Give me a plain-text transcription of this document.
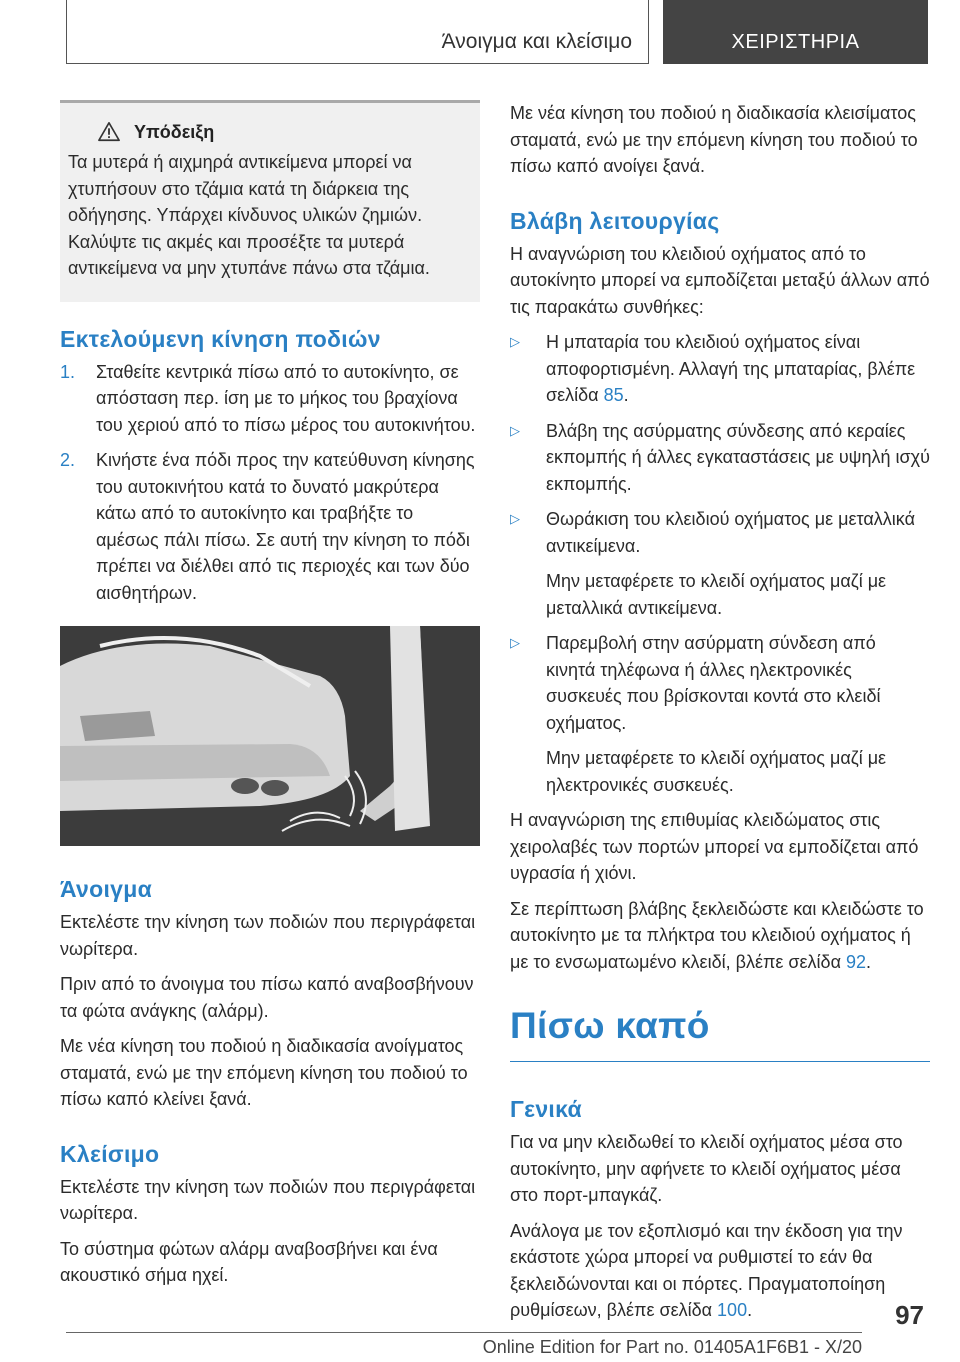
Άνοιγμα και κλείσιμο	ΧΕΙΡΙΣΤΗΡΙΑ
Υπόδειξη
Τα μυτερά ή αιχμηρά αντικείμενα μπορεί να χτυπήσουν στο τζάμια κατά τη διάρκεια της οδήγησης. Υπάρχει κίνδυνος υλικών ζημιών. Καλύψτε τις ακμές και προσέξτε τα μυτερά αντικείμενα να μην χτυπάνε πάνω στα τζάμια.
Εκτελούμενη κίνηση ποδιών
1.	Σταθείτε κεντρικά πίσω από το αυτοκίνητο, σε απόσταση περ. ίση με το μήκος του βραχίονα του χεριού από το πίσω μέρος του αυτοκινήτου.
2.	Κινήστε ένα πόδι προς την κατεύθυνση κίνησης του αυτοκινήτου κατά το δυνατό μακρύτερα κάτω από το αυτοκίνητο και τραβήξτε το αμέσως πάλι πίσω. Σε αυτή την κίνηση το πόδι πρέπει να διέλθει από τις περιοχές και των δύο αισθητήρων.
Άνοιγμα

Εκτελέστε την κίνηση των ποδιών που περιγράφεται νωρίτερα.

Πριν από το άνοιγμα του πίσω καπό αναβοσβήνουν τα φώτα ανάγκης (αλάρμ).

Με νέα κίνηση του ποδιού η διαδικασία ανοίγματος σταματά, ενώ με την επόμενη κίνηση του ποδιού το πίσω καπό κλείνει ξανά.

Κλείσιμο

Εκτελέστε την κίνηση των ποδιών που περιγράφεται νωρίτερα.

Το σύστημα φώτων αλάρμ αναβοσβήνει και ένα ακουστικό σήμα ηχεί.

Με νέα κίνηση του ποδιού η διαδικασία κλεισίματος σταματά, ενώ με την επόμενη κίνηση του ποδιού το πίσω καπό ανοίγει ξανά.

Βλάβη λειτουργίας

Η αναγνώριση του κλειδιού οχήματος από το αυτοκίνητο μπορεί να εμποδίζεται μεταξύ άλλων από τις παρακάτω συνθήκες:

▷	Η μπαταρία του κλειδιού οχήματος είναι αποφορτισμένη. Αλλαγή της μπαταρίας, βλέπε σελίδα 85.
▷	Βλάβη της ασύρματης σύνδεσης από κεραίες εκπομπής ή άλλες εγκαταστάσεις με υψηλή ισχύ εκπομπής.
▷	Θωράκιση του κλειδιού οχήματος με μεταλλικά αντικείμενα.
Μην μεταφέρετε το κλειδί οχήματος μαζί με μεταλλικά αντικείμενα.
▷	Παρεμβολή στην ασύρματη σύνδεση από κινητά τηλέφωνα ή άλλες ηλεκτρονικές συσκευές που βρίσκονται κοντά στο κλειδί οχήματος.
Μην μεταφέρετε το κλειδί οχήματος μαζί με ηλεκτρονικές συσκευές.

Η αναγνώριση της επιθυμίας κλειδώματος στις χειρολαβές των πορτών μπορεί να εμποδίζεται από υγρασία ή χιόνι.

Σε περίπτωση βλάβης ξεκλειδώστε και κλειδώστε το αυτοκίνητο με τα πλήκτρα του κλειδιού οχήματος ή με το ενσωματωμένο κλειδί, βλέπε σελίδα 92.

Πίσω καπό
Γενικά

Για να μην κλειδωθεί το κλειδί οχήματος μέσα στο αυτοκίνητο, μην αφήνετε το κλειδί οχήματος μέσα στο πορτ-μπαγκάζ.

Ανάλογα με τον εξοπλισμό και την έκδοση για την εκάστοτε χώρα μπορεί να ρυθμιστεί το εάν θα ξεκλειδώνονται και οι πόρτες. Πραγματοποίηση ρυθμίσεων, βλέπε σελίδα 100.	97
Online Edition for Part no. 01405A1F6B1 - X/20
